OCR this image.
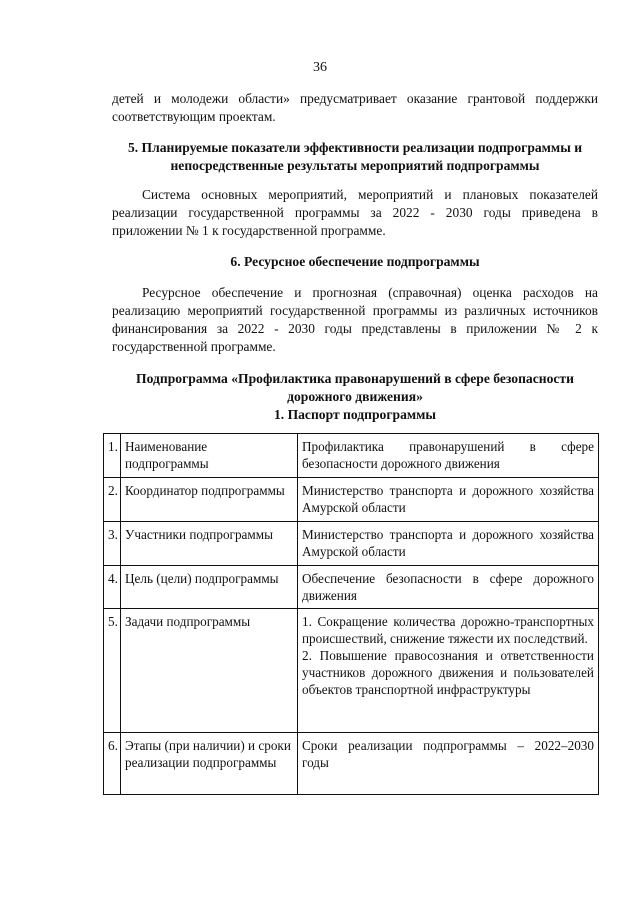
36
детей и молодежи области» предусматривает оказание грантовой поддержки
соответствующим проектам.
5. Планируемые показатели эффективности реализации подпрограммы и
непосредственные результаты мероприятий подпрограммы
Система основных мероприятий, мероприятий и плановых показателей реализации государственной программы за 2022 - 2030 годы приведена в приложении № 1 к государственной программе.
6. Ресурсное обеспечение подпрограммы
Ресурсное обеспечение и прогнозная (справочная) оценка расходов на реализацию мероприятий государственной программы из различных источников финансирования за 2022 - 2030 годы представлены в приложении № 2 к государственной программе.
Подпрограмма «Профилактика правонарушений в сфере безопасности
дорожного движения»
1. Паспорт подпрограммы
1.	Наименование подпрограммы	Профилактика правонарушений в сфере безопасности дорожного движения
2.	Координатор подпрограммы	Министерство транспорта и дорожного хозяйства Амурской области
3.	Участники подпрограммы	Министерство транспорта и дорожного хозяйства Амурской области
4.	Цель (цели) подпрограммы	Обеспечение безопасности в сфере дорожного движения
5.	Задачи подпрограммы	1. Сокращение количества дорожно-транспортных происшествий, снижение тяжести их последствий.
2. Повышение правосознания и ответственности участников дорожного движения и пользователей объектов транспортной инфраструктуры

6.	Этапы (при наличии) и сроки реализации подпрограммы	Сроки реализации подпрограммы – 2022–2030 годы
